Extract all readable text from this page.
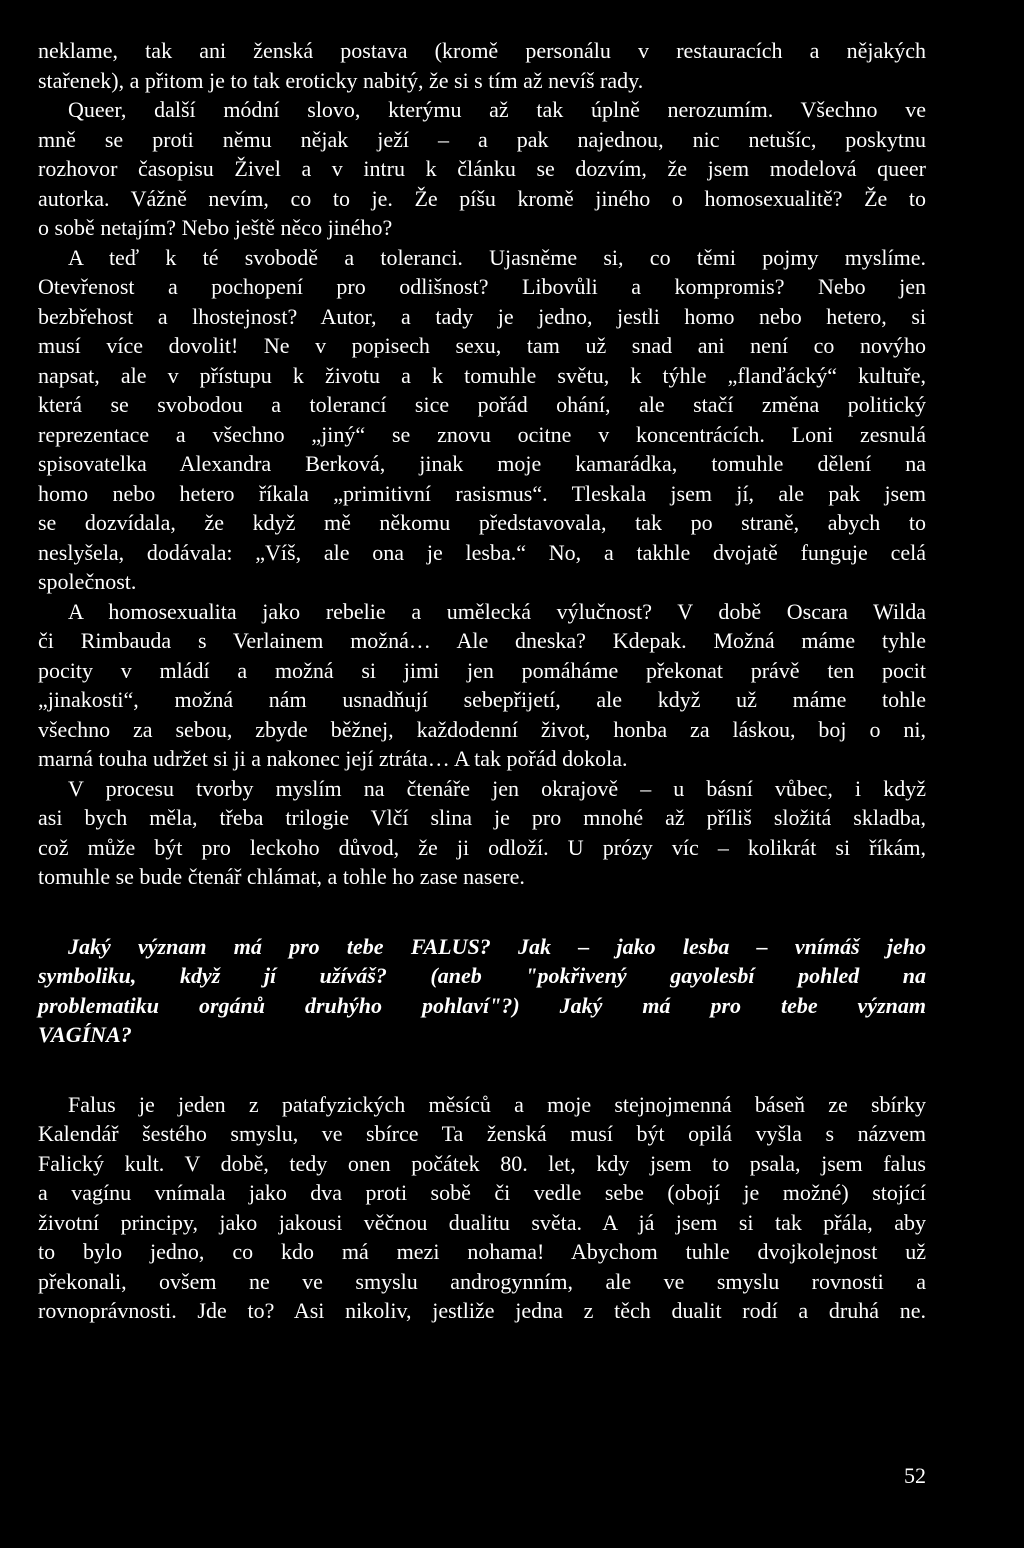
neklame, tak ani ženská postava (kromě personálu v restauracích a nějakých
stařenek), a přitom je to tak eroticky nabitý, že si s tím až nevíš rady.
Queer, další módní slovo, kterýmu až tak úplně nerozumím. Všechno ve
mně se proti němu nějak ježí – a pak najednou, nic netušíc, poskytnu
rozhovor časopisu Živel a v intru k článku se dozvím, že jsem modelová queer
autorka. Vážně nevím, co to je. Že píšu kromě jiného o homosexualitě? Že to
o sobě netajím? Nebo ještě něco jiného?
A teď k té svobodě a toleranci. Ujasněme si, co těmi pojmy myslíme.
Otevřenost a pochopení pro odlišnost? Libovůli a kompromis? Nebo jen
bezbřehost a lhostejnost? Autor, a tady je jedno, jestli homo nebo hetero, si
musí více dovolit! Ne v popisech sexu, tam už snad ani není co novýho
napsat, ale v přístupu k životu a k tomuhle světu, k týhle „flanďácký“ kultuře,
která se svobodou a tolerancí sice pořád ohání, ale stačí změna politický
reprezentace a všechno „jiný“ se znovu ocitne v koncentrácích. Loni zesnulá
spisovatelka Alexandra Berková, jinak moje kamarádka, tomuhle dělení na
homo nebo hetero říkala „primitivní rasismus“. Tleskala jsem jí, ale pak jsem
se dozvídala, že když mě někomu představovala, tak po straně, abych to
neslyšela, dodávala: „Víš, ale ona je lesba.“ No, a takhle dvojatě funguje celá
společnost.
A homosexualita jako rebelie a umělecká výlučnost? V době Oscara Wilda
či Rimbauda s Verlainem možná… Ale dneska? Kdepak. Možná máme tyhle
pocity v mládí a možná si jimi jen pomáháme překonat právě ten pocit
„jinakosti“, možná nám usnadňují sebepřijetí, ale když už máme tohle
všechno za sebou, zbyde běžnej, každodenní život, honba za láskou, boj o ni,
marná touha udržet si ji a nakonec její ztráta… A tak pořád dokola.
V procesu tvorby myslím na čtenáře jen okrajově – u básní vůbec, i když
asi bych měla, třeba trilogie Vlčí slina je pro mnohé až příliš složitá skladba,
což může být pro leckoho důvod, že ji odloží. U prózy víc – kolikrát si říkám,
tomuhle se bude čtenář chlámat, a tohle ho zase nasere.
Jaký význam má pro tebe FALUS? Jak – jako lesba – vnímáš jeho
symboliku, když jí užíváš? (aneb "pokřivený gayolesbí pohled na
problematiku orgánů druhýho pohlaví"?) Jaký má pro tebe význam
VAGÍNA?
Falus je jeden z patafyzických měsíců a moje stejnojmenná báseň ze sbírky
Kalendář šestého smyslu, ve sbírce Ta ženská musí být opilá vyšla s názvem
Falický kult. V době, tedy onen počátek 80. let, kdy jsem to psala, jsem falus
a vagínu vnímala jako dva proti sobě či vedle sebe (obojí je možné) stojící
životní principy, jako jakousi věčnou dualitu světa. A já jsem si tak přála, aby
to bylo jedno, co kdo má mezi nohama! Abychom tuhle dvojkolejnost už
překonali, ovšem ne ve smyslu androgynním, ale ve smyslu rovnosti a
rovnoprávnosti. Jde to? Asi nikoliv, jestliže jedna z těch dualit rodí a druhá ne.
52
